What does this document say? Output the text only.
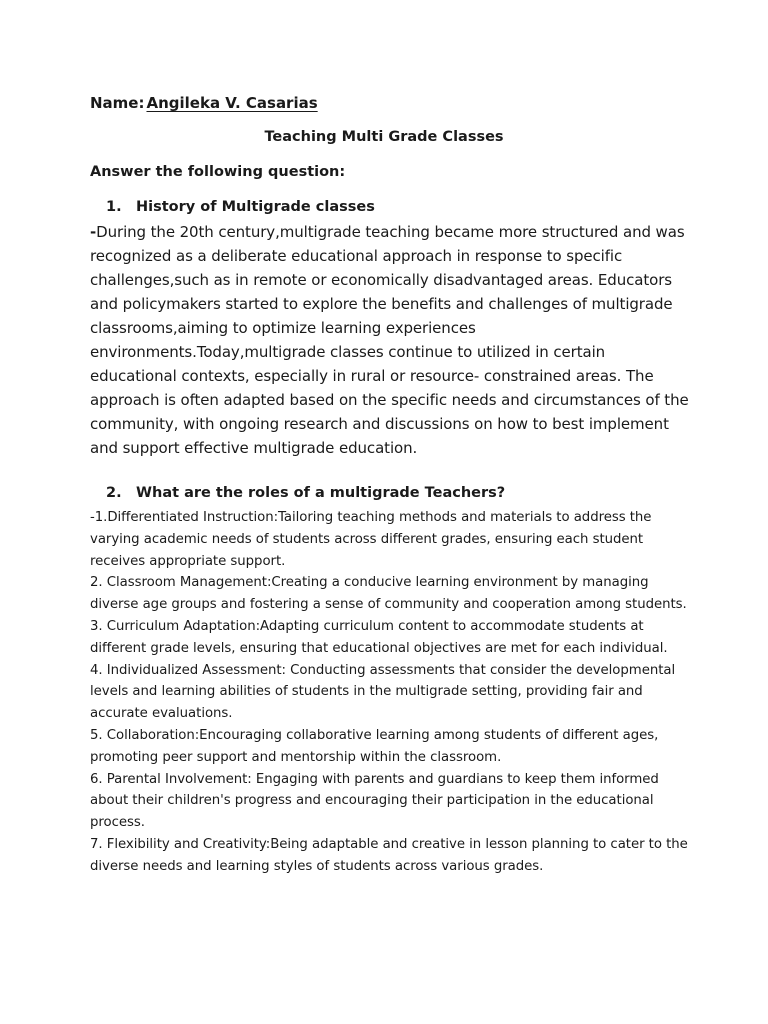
Name: Angileka V. Casarias
Teaching Multi Grade Classes
Answer the following question:
1. History of Multigrade classes
-During the 20th century,multigrade teaching became more structured and was recognized as a deliberate educational approach in response to specific challenges,such as in remote or economically disadvantaged areas. Educators and policymakers started to explore the benefits and challenges of multigrade classrooms,aiming to optimize learning experiences environments.Today,multigrade classes continue to utilized in certain educational contexts, especially in rural or resource- constrained areas. The approach is often adapted based on the specific needs and circumstances of the community, with ongoing research and discussions on how to best implement and support effective multigrade education.
2. What are the roles of a multigrade Teachers?

-1.Differentiated Instruction:Tailoring teaching methods and materials to address the varying academic needs of students across different grades, ensuring each student receives appropriate support.

2. Classroom Management:Creating a conducive learning environment by managing diverse age groups and fostering a sense of community and cooperation among students.

3. Curriculum Adaptation:Adapting curriculum content to accommodate students at different grade levels, ensuring that educational objectives are met for each individual.

4. Individualized Assessment: Conducting assessments that consider the developmental levels and learning abilities of students in the multigrade setting, providing fair and accurate evaluations.

5. Collaboration:Encouraging collaborative learning among students of different ages, promoting peer support and mentorship within the classroom.

6. Parental Involvement: Engaging with parents and guardians to keep them informed about their children's progress and encouraging their participation in the educational process.

7. Flexibility and Creativity:Being adaptable and creative in lesson planning to cater to the diverse needs and learning styles of students across various grades.
